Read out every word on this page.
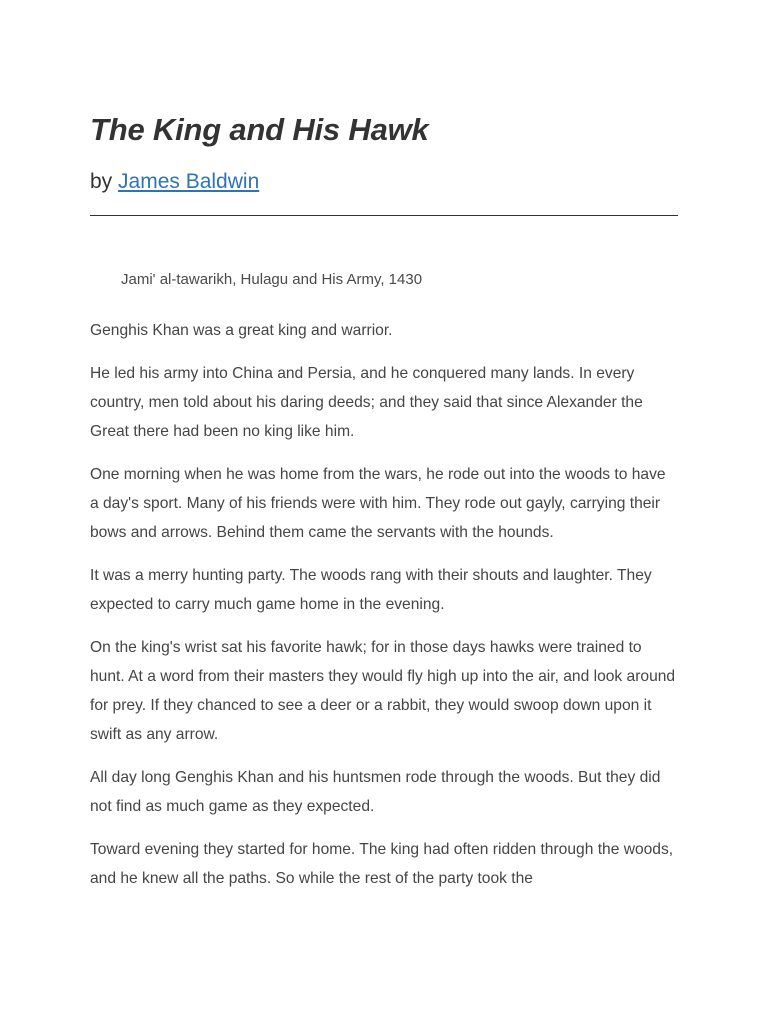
The King and His Hawk
by James Baldwin
Jami' al-tawarikh, Hulagu and His Army, 1430

Genghis Khan was a great king and warrior.

He led his army into China and Persia, and he conquered many lands. In every country, men told about his daring deeds; and they said that since Alexander the Great there had been no king like him.

One morning when he was home from the wars, he rode out into the woods to have a day's sport. Many of his friends were with him. They rode out gayly, carrying their bows and arrows. Behind them came the servants with the hounds.

It was a merry hunting party. The woods rang with their shouts and laughter. They expected to carry much game home in the evening.

On the king's wrist sat his favorite hawk; for in those days hawks were trained to hunt. At a word from their masters they would fly high up into the air, and look around for prey. If they chanced to see a deer or a rabbit, they would swoop down upon it swift as any arrow.

All day long Genghis Khan and his huntsmen rode through the woods. But they did not find as much game as they expected.

Toward evening they started for home. The king had often ridden through the woods, and he knew all the paths. So while the rest of the party took the
